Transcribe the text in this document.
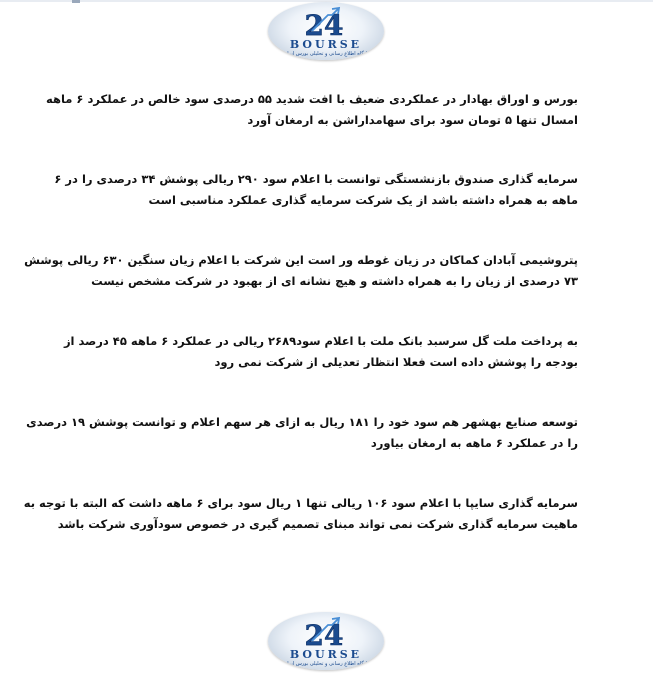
24
BOURSE
پایگاه اطلاع رسانی و تحلیلی بورس ایران
بورس و اوراق بهادار در عملکردی ضعیف با افت شدید ۵۵ درصدی سود خالص در عملکرد ۶ ماهه
امسال تنها ۵ تومان سود برای سهامداراشن به ارمغان آورد
سرمایه گذاری صندوق بازنشستگی توانست با اعلام سود ۲۹۰ ریالی پوشش ۳۴ درصدی را در ۶
ماهه به همراه داشته باشد از یک شرکت سرمایه گذاری عملکرد مناسبی است
پتروشیمی آبادان کماکان در زیان غوطه ور است این شرکت با اعلام زیان سنگین ۶۳۰ ریالی پوشش
۷۳ درصدی از زیان را به همراه داشته و هیچ نشانه ای از بهبود در شرکت مشخص نیست
به پرداخت ملت گل سرسبد بانک ملت با اعلام سود۲۶۸۹ ریالی در عملکرد ۶ ماهه ۴۵ درصد از
بودجه را پوشش داده است فعلا انتظار تعدیلی از شرکت نمی رود
توسعه صنایع بهشهر هم سود خود را ۱۸۱ ریال به ازای هر سهم اعلام و توانست پوشش ۱۹ درصدی
را در عملکرد ۶ ماهه به ارمغان بیاورد
سرمایه گذاری سایپا با اعلام سود ۱۰۶ ریالی تنها ۱ ریال سود برای ۶ ماهه داشت که البته با توجه به
ماهیت سرمایه گذاری شرکت نمی تواند مبنای تصمیم گیری در خصوص سودآوری شرکت باشد
24
BOURSE
پایگاه اطلاع رسانی و تحلیلی بورس ایران
